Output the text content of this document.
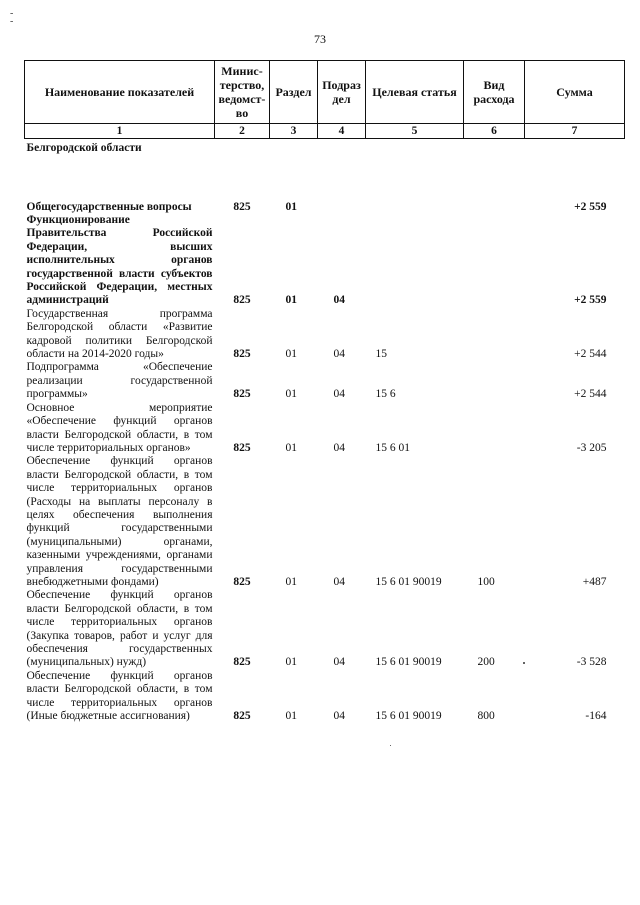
-
-
73
Наименование показателей	Минис-терство, ведомст-во	Раздел	Подраз дел	Целевая статья	Вид расхода	Сумма
1	2	3	4	5	6	7
Белгородской области						
Общегосударственные вопросы	825	01				+2 559
Функционирование Правительства Российской Федерации, высших исполнительных органов государственной власти субъектов Российской Федерации, местных администраций	825	01	04			+2 559
Государственная программа Белгородской области «Развитие кадровой политики Белгородской области на 2014-2020 годы»	825	01	04	15		+2 544
Подпрограмма «Обеспечение реализации государственной программы»	825	01	04	15 6		+2 544
Основное мероприятие «Обеспечение функций органов власти Белгородской области, в том числе территориальных органов»	825	01	04	15 6 01		-3 205
Обеспечение функций органов власти Белгородской области, в том числе территориальных органов (Расходы на выплаты персоналу в целях обеспечения выполнения функций государственными (муниципальными) органами, казенными учреждениями, органами управления государственными внебюджетными фондами)	825	01	04	15 6 01 90019	100	+487
Обеспечение функций органов власти Белгородской области, в том числе территориальных органов (Закупка товаров, работ и услуг для обеспечения государственных (муниципальных) нужд)	825	01	04	15 6 01 90019	200	-3 528
Обеспечение функций органов власти Белгородской области, в том числе территориальных органов (Иные бюджетные ассигнования)	825	01	04	15 6 01 90019	800	-164
